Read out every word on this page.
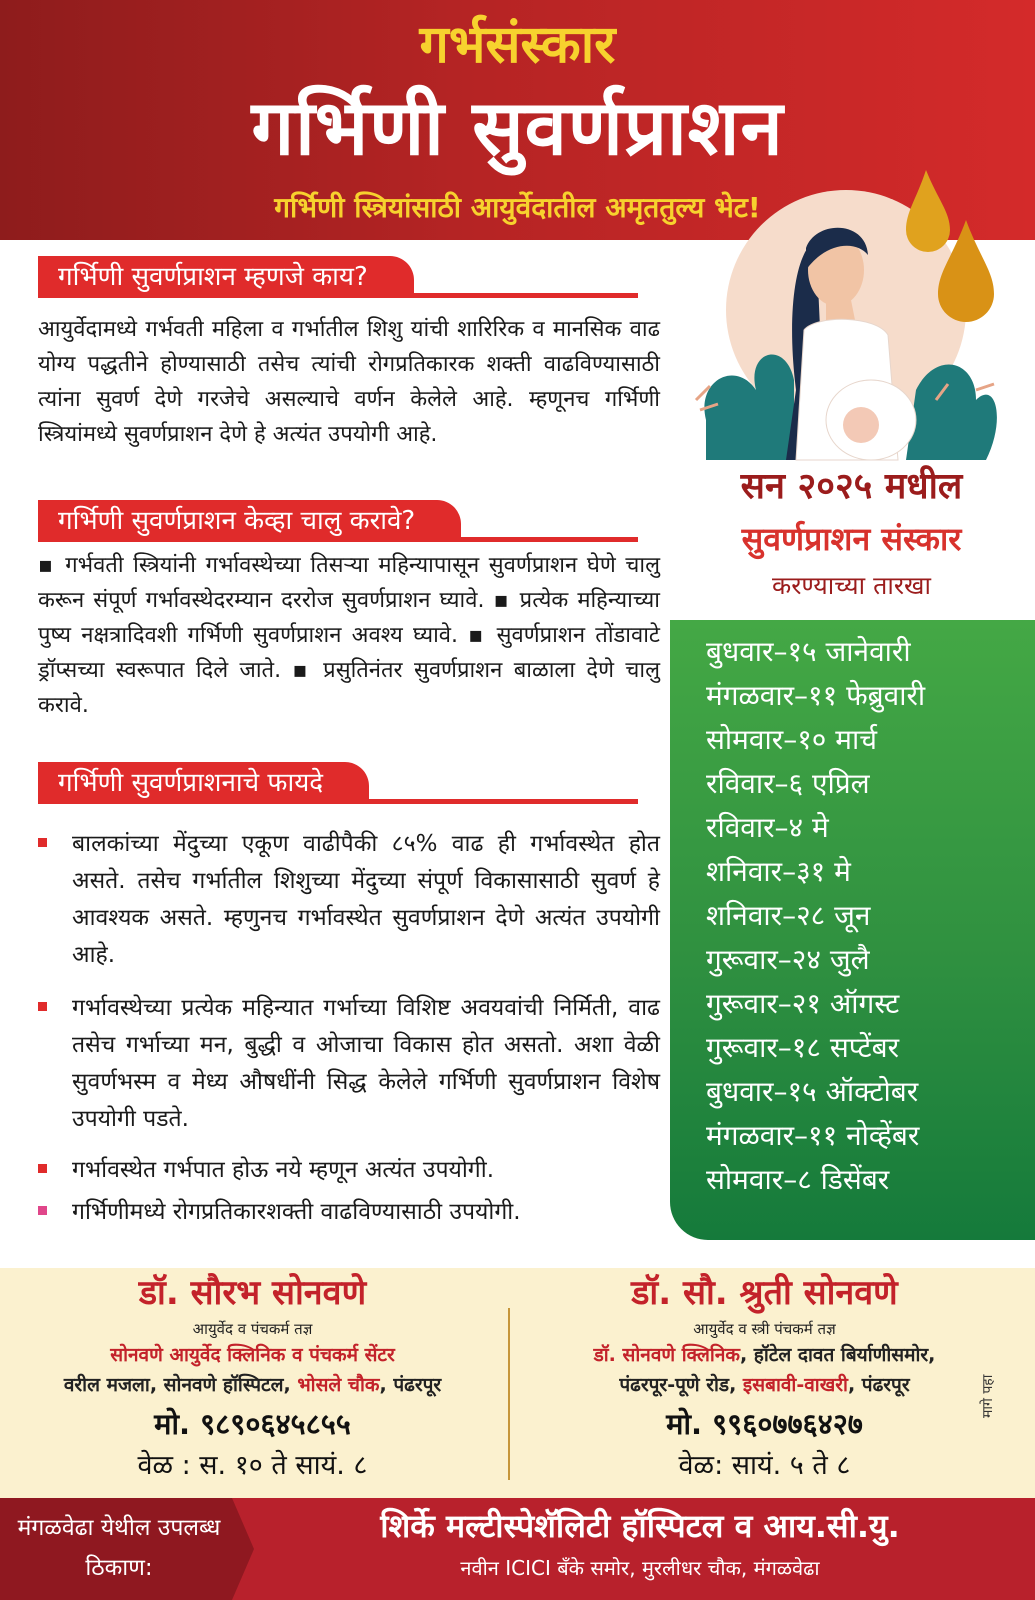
गर्भसंस्कार
गर्भिणी सुवर्णप्राशन
गर्भिणी स्त्रियांसाठी आयुर्वेदातील अमृततुल्य भेट!
गर्भिणी सुवर्णप्राशन म्हणजे काय?
आयुर्वेदामध्ये गर्भवती महिला व गर्भातील शिशु यांची शारिरिक व मानसिक वाढ योग्य पद्धतीने होण्यासाठी तसेच त्यांची रोगप्रतिकारक शक्ती वाढविण्यासाठी त्यांना सुवर्ण देणे गरजेचे असल्याचे वर्णन केलेले आहे. म्हणूनच गर्भिणी स्त्रियांमध्ये सुवर्णप्राशन देणे हे अत्यंत उपयोगी आहे.
गर्भिणी सुवर्णप्राशन केव्हा चालु करावे?
▪ गर्भवती स्त्रियांनी गर्भावस्थेच्या तिसऱ्या महिन्यापासून सुवर्णप्राशन घेणे चालु करून संपूर्ण गर्भावस्थेदरम्यान दररोज सुवर्णप्राशन घ्यावे. ▪ प्रत्येक महिन्याच्या पुष्य नक्षत्रादिवशी गर्भिणी सुवर्णप्राशन अवश्य घ्यावे. ▪ सुवर्णप्राशन तोंडावाटे ड्रॉप्सच्या स्वरूपात दिले जाते. ▪ प्रसुतिनंतर सुवर्णप्राशन बाळाला देणे चालु करावे.
गर्भिणी सुवर्णप्राशनाचे फायदे
बालकांच्या मेंदुच्या एकूण वाढीपैकी ८५% वाढ ही गर्भावस्थेत होत असते. तसेच गर्भातील शिशुच्या मेंदुच्या संपूर्ण विकासासाठी सुवर्ण हे आवश्यक असते. म्हणुनच गर्भावस्थेत सुवर्णप्राशन देणे अत्यंत उपयोगी आहे.
गर्भावस्थेच्या प्रत्येक महिन्यात गर्भाच्या विशिष्ट अवयवांची निर्मिती, वाढ तसेच गर्भाच्या मन, बुद्धी व ओजाचा विकास होत असतो. अशा वेळी सुवर्णभस्म व मेध्य औषधींनी सिद्ध केलेले गर्भिणी सुवर्णप्राशन विशेष उपयोगी पडते.
गर्भावस्थेत गर्भपात होऊ नये म्हणून अत्यंत उपयोगी.
गर्भिणीमध्ये रोगप्रतिकारशक्ती वाढविण्यासाठी उपयोगी.
सन २०२५ मधील
सुवर्णप्राशन संस्कार
करण्याच्या तारखा
बुधवार–१५ जानेवारी
मंगळवार–११ फेब्रुवारी
सोमवार–१० मार्च
रविवार–६ एप्रिल
रविवार–४ मे
शनिवार–३१ मे
शनिवार–२८ जून
गुरूवार–२४ जुलै
गुरूवार–२१ ऑगस्ट
गुरूवार–१८ सप्टेंबर
बुधवार–१५ ऑक्टोबर
मंगळवार–११ नोव्हेंबर
सोमवार–८ डिसेंबर
डॉ. सौरभ सोनवणे
आयुर्वेद व पंचकर्म तज्ञ
सोनवणे आयुर्वेद क्लिनिक व पंचकर्म सेंटर
वरील मजला, सोनवणे हॉस्पिटल, भोसले चौक, पंढरपूर
मो. ९८९०६४५८५५
वेळ : स. १० ते सायं. ८
डॉ. सौ. श्रुती सोनवणे
आयुर्वेद व स्त्री पंचकर्म तज्ञ
डॉ. सोनवणे क्लिनिक, हॉटेल दावत बिर्याणीसमोर,
पंढरपूर-पूणे रोड, इसबावी-वाखरी, पंढरपूर
मो. ९९६०७७६४२७
वेळ: सायं. ५ ते ८
मागे पहा
मंगळवेढा येथील उपलब्ध ठिकाण:
शिर्के मल्टीस्पेशॅलिटी हॉस्पिटल व आय.सी.यु.
नवीन ICICI बँके समोर, मुरलीधर चौक, मंगळवेढा
